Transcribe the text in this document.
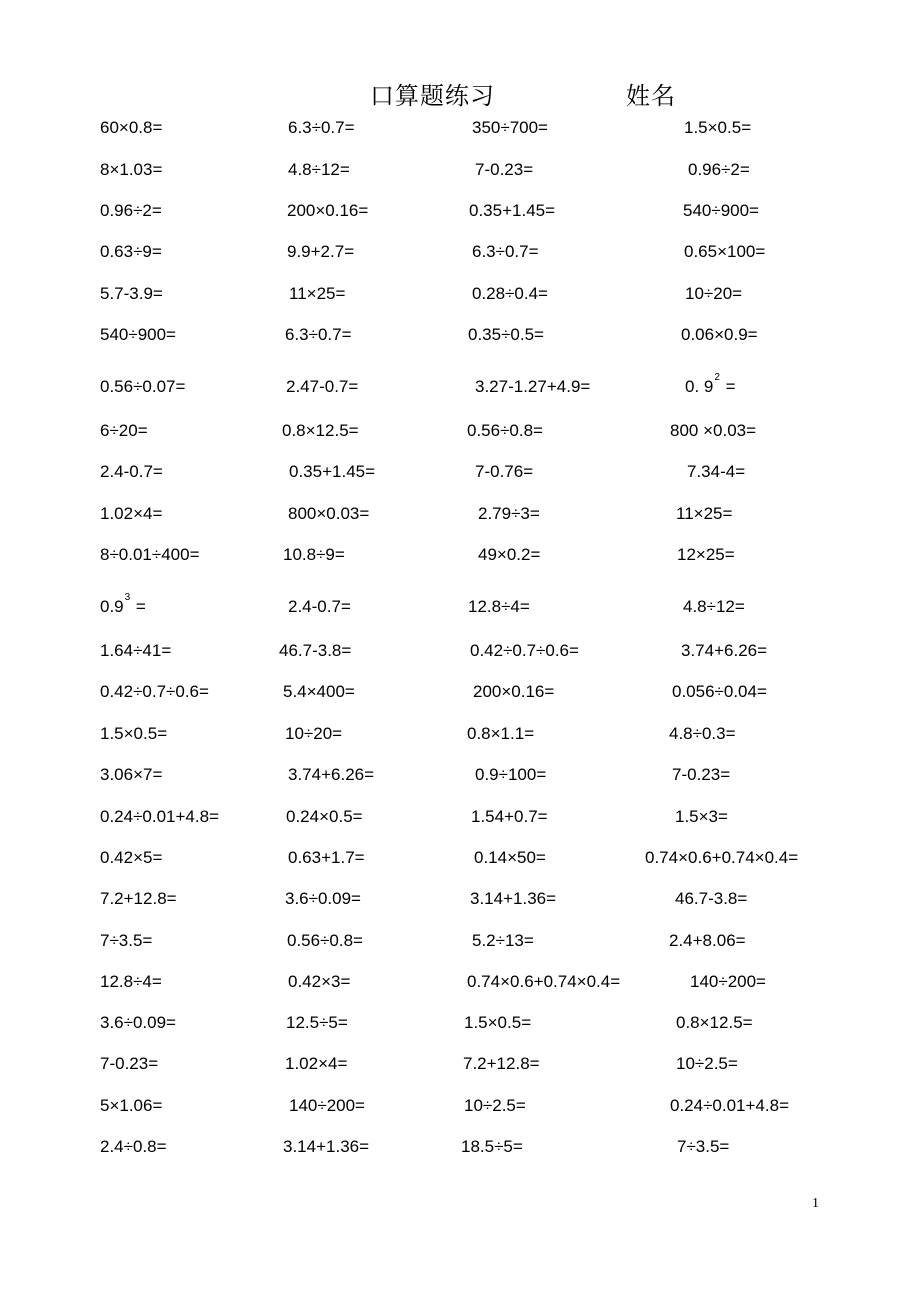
口算题练习	姓名
60×0.8=	6.3÷0.7=	350÷700=	1.5×0.5=
8×1.03=	4.8÷12=	7-0.23=	0.96÷2=
0.96÷2=	200×0.16=	0.35+1.45=	540÷900=
0.63÷9=	9.9+2.7=	6.3÷0.7=	0.65×100=
5.7-3.9=	11×25=	0.28÷0.4=	10÷20=
540÷900=	6.3÷0.7=	0.35÷0.5=	0.06×0.9=
0.56÷0.07=	2.47-0.7=	3.27-1.27+4.9=	0. $9^2$ =
6÷20=	0.8×12.5=	0.56÷0.8=	800 ×0.03=
2.4-0.7=	0.35+1.45=	7-0.76=	7.34-4=
1.02×4=	800×0.03=	2.79÷3=	11×25=
8÷0.01÷400=	10.8÷9=	49×0.2=	12×25=
$0.9^3$ =	2.4-0.7=	12.8÷4=	4.8÷12=
1.64÷41=	46.7-3.8=	0.42÷0.7÷0.6=	3.74+6.26=
0.42÷0.7÷0.6=	5.4×400=	200×0.16=	0.056÷0.04=
1.5×0.5=	10÷20=	0.8×1.1=	4.8÷0.3=
3.06×7=	3.74+6.26=	0.9÷100=	7-0.23=
0.24÷0.01+4.8=	0.24×0.5=	1.54+0.7=	1.5×3=
0.42×5=	0.63+1.7=	0.14×50=	0.74×0.6+0.74×0.4=
7.2+12.8=	3.6÷0.09=	3.14+1.36=	46.7-3.8=
7÷3.5=	0.56÷0.8=	5.2÷13=	2.4+8.06=
12.8÷4=	0.42×3=	0.74×0.6+0.74×0.4=	140÷200=
3.6÷0.09=	12.5÷5=	1.5×0.5=	0.8×12.5=
7-0.23=	1.02×4=	7.2+12.8=	10÷2.5=
5×1.06=	140÷200=	10÷2.5=	0.24÷0.01+4.8=
2.4÷0.8=	3.14+1.36=	18.5÷5=	7÷3.5=
1
